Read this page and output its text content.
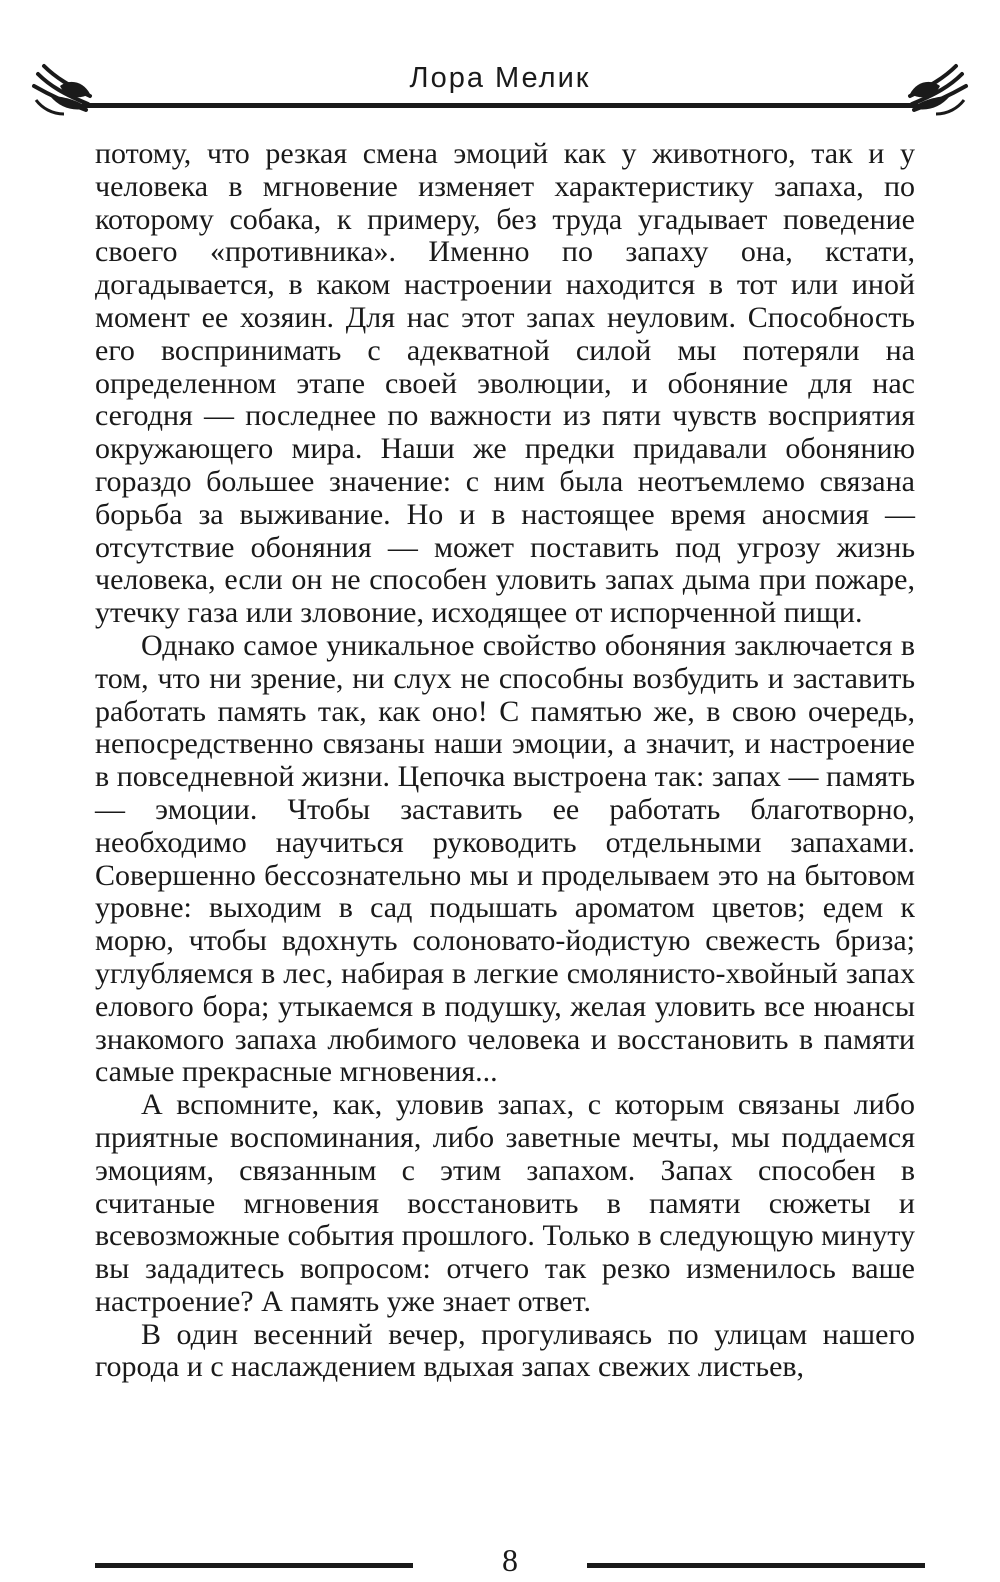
Лора Мелик

потому, что резкая смена эмоций как у животного, так и у человека в мгновение изменяет характеристику запаха, по которому собака, к примеру, без труда угадывает поведение своего «противника». Именно по запаху она, кстати, догадывается, в каком настроении находится в тот или иной момент ее хозяин. Для нас этот запах неуловим. Способность его воспринимать с адекватной силой мы потеряли на определенном этапе своей эволюции, и обоняние для нас сегодня — последнее по важности из пяти чувств восприятия окружающего мира. Наши же предки придавали обонянию гораздо большее значение: с ним была неотъемлемо связана борьба за выживание. Но и в настоящее время аносмия — отсутствие обоняния — может поставить под угрозу жизнь человека, если он не способен уловить запах дыма при пожаре, утечку газа или зловоние, исходящее от испорченной пищи.

Однако самое уникальное свойство обоняния заключается в том, что ни зрение, ни слух не способны возбудить и заставить работать память так, как оно! С памятью же, в свою очередь, непосредственно связаны наши эмоции, а значит, и настроение в повседневной жизни. Цепочка выстроена так: запах — память — эмоции. Чтобы заставить ее работать благотворно, необходимо научиться руководить отдельными запахами. Совершенно бессознательно мы и проделываем это на бытовом уровне: выходим в сад подышать ароматом цветов; едем к морю, чтобы вдохнуть солоновато-йодистую свежесть бриза; углубляемся в лес, набирая в легкие смолянисто-хвойный запах елового бора; утыкаемся в подушку, желая уловить все нюансы знакомого запаха любимого человека и восстановить в памяти самые прекрасные мгновения...

А вспомните, как, уловив запах, с которым связаны либо приятные воспоминания, либо заветные мечты, мы поддаемся эмоциям, связанным с этим запахом. Запах способен в считаные мгновения восстановить в памяти сюжеты и всевозможные события прошлого. Только в следующую минуту вы зададитесь вопросом: отчего так резко изменилось ваше настроение? А память уже знает ответ.

В один весенний вечер, прогуливаясь по улицам нашего города и с наслаждением вдыхая запах свежих листьев,

8
